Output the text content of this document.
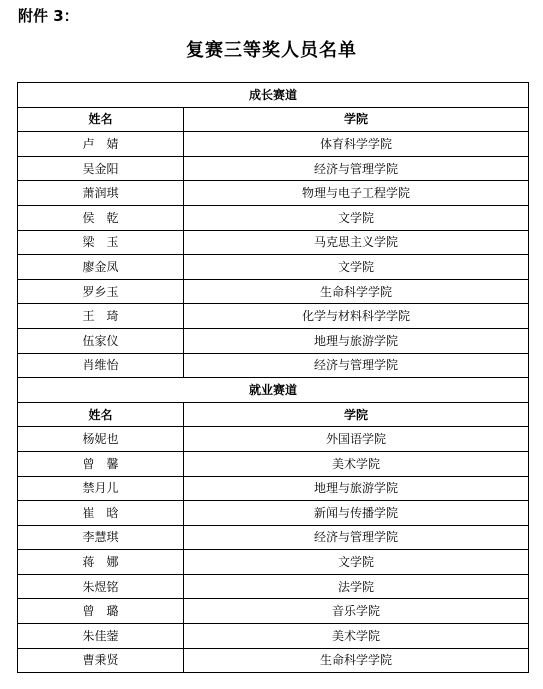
附件 3：
复赛三等奖人员名单
成长赛道	
姓名	学院
卢　婧	体育科学学院
吴金阳	经济与管理学院
萧润琪	物理与电子工程学院
侯　乾	文学院
梁　玉	马克思主义学院
廖金凤	文学院
罗乡玉	生命科学学院
王　琦	化学与材料科学学院
伍家仪	地理与旅游学院
肖维怡	经济与管理学院
就业赛道	
姓名	学院
杨妮也	外国语学院
曾　馨	美术学院
禁月儿	地理与旅游学院
崔　晗	新闻与传播学院
李慧琪	经济与管理学院
蒋　娜	文学院
朱煜铭	法学院
曾　璐	音乐学院
朱佳蓥	美术学院
曹秉贤	生命科学学院
